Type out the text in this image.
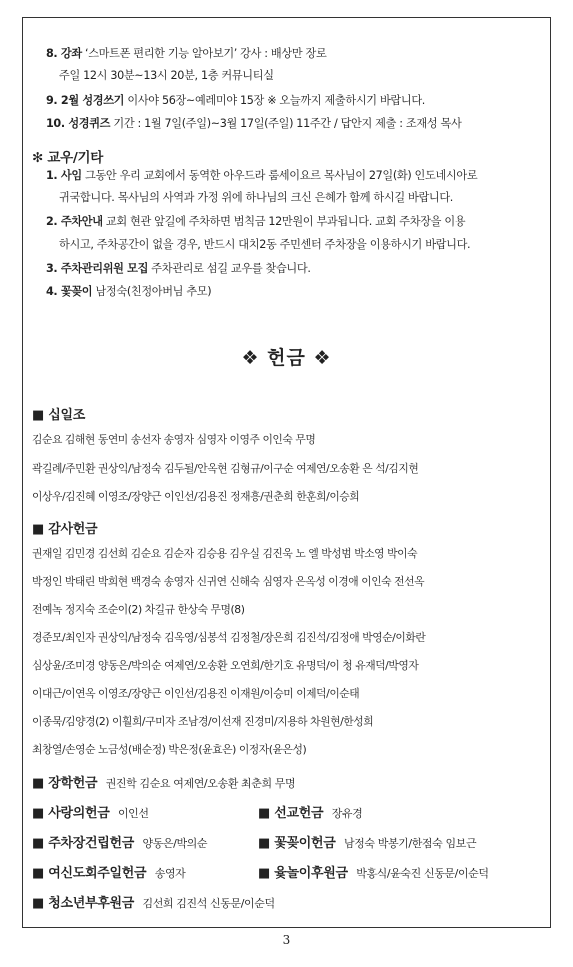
8. 강좌 ‘스마트폰 편리한 기능 알아보기’ 강사 : 배상만 장로
주일 12시 30분~13시 20분, 1층 커뮤니티실
9. 2월 성경쓰기 이사야 56장~예레미야 15장 ※ 오늘까지 제출하시기 바랍니다.
10. 성경퀴즈 기간 : 1월 7일(주일)~3월 17일(주일) 11주간 / 답안지 제출 : 조재성 목사
✻ 교우/기타
1. 사임 그동안 우리 교회에서 동역한 아우드라 룸세이요르 목사님이 27일(화) 인도네시아로
귀국합니다. 목사님의 사역과 가정 위에 하나님의 크신 은혜가 함께 하시길 바랍니다.
2. 주차안내 교회 현관 앞길에 주차하면 범칙금 12만원이 부과됩니다. 교회 주차장을 이용
하시고, 주차공간이 없을 경우, 반드시 대치2동 주민센터 주차장을 이용하시기 바랍니다.
3. 주차관리위원 모집 주차관리로 섬길 교우를 찾습니다.
4. 꽃꽂이 남정숙(친정아버님 추모)
❖ 헌금 ❖
■ 십일조
김순요 김해현 동연미 송선자 송영자 심영자 이영주 이인숙 무명
곽길례/주민환 권상익/남정숙 김두될/안옥현 김형규/이구순 여제연/오송환 은 석/김지현
이상우/김진혜 이영조/장양근 이인선/김용진 정재흥/권춘희 한훈희/이승희
■ 감사헌금
권재일 김민경 김선희 김순요 김순자 김승용 김우실 김진욱 노 엘 박성범 박소영 박이숙
박정인 박태린 박희현 백경숙 송영자 신귀연 신해숙 심영자 은옥성 이경애 이인숙 전선옥
전예녹 정지숙 조순이(2) 차길규 한상숙 무명(8)
경준모/최인자 권상익/남정숙 김옥영/심봉석 김정철/장은희 김진석/김정애 박영순/이화란
심상윤/조미경 양동은/박의순 여제연/오송환 오연희/한기호 유명덕/이 청 유재덕/박영자
이대근/이연옥 이영조/장양근 이인선/김용진 이재원/이승미 이제덕/이순태
이종묵/김양경(2) 이훨희/구미자 조남경/이선재 진경미/지용하 차원현/한성희
최창열/손영순 노금성(배순정) 박은정(윤효은) 이정자(윤은성)
■ 장학헌금 권진학 김순요 여제연/오송환 최춘희 무명
■ 사랑의헌금 이인선	■ 선교헌금 장유경
■ 주차장건립헌금 양동은/박의순	■ 꽃꽂이헌금 남정숙 박봉기/한점숙 임보근
■ 여신도회주일헌금 송영자	■ 윷놀이후원금 박홍식/윤숙진 신동문/이순덕
■ 청소년부후원금 김선희 김진석 신동문/이순덕
3
